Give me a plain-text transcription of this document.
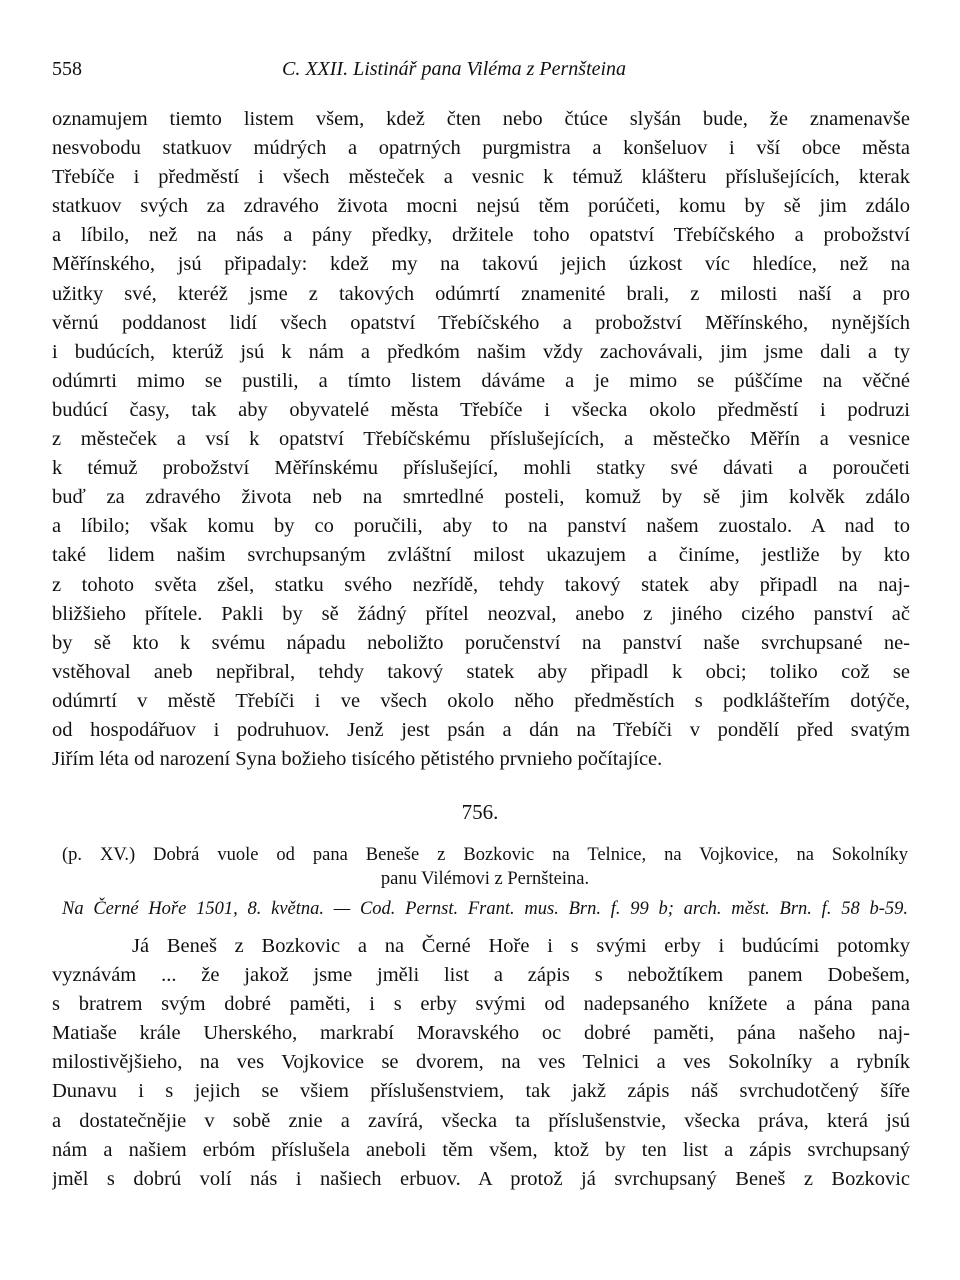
558	C. XXII. Listinář pana Viléma z Pernšteina
oznamujem tiemto listem všem, kdež čten nebo čtúce slyšán bude, že znamenavše
nesvobodu statkuov múdrých a opatrných purgmistra a konšeluov i vší obce města
Třebíče i předměstí i všech městeček a vesnic k témuž klášteru příslušejících, kterak
statkuov svých za zdravého života mocni nejsú těm porúčeti, komu by sě jim zdálo
a líbilo, než na nás a pány předky, držitele toho opatství Třebíčského a probožství
Měřínského, jsú připadaly: kdež my na takovú jejich úzkost víc hledíce, než na
užitky své, kteréž jsme z takových odúmrtí znamenité brali, z milosti naší a pro
věrnú poddanost lidí všech opatství Třebíčského a probožství Měřínského, nynějších
i budúcích, kterúž jsú k nám a předkóm našim vždy zachovávali, jim jsme dali a ty
odúmrti mimo se pustili, a tímto listem dáváme a je mimo se púščíme na věčné
budúcí časy, tak aby obyvatelé města Třebíče i všecka okolo předměstí i podruzi
z městeček a vsí k opatství Třebíčskému příslušejících, a městečko Měřín a vesnice
k témuž probožství Měřínskému příslušející, mohli statky své dávati a poroučeti
buď za zdravého života neb na smrtedlné posteli, komuž by sě jim kolvěk zdálo
a líbilo; však komu by co poručili, aby to na panství našem zuostalo. A nad to
také lidem našim svrchupsaným zvláštní milost ukazujem a činíme, jestliže by kto
z tohoto světa zšel, statku svého nezřídě, tehdy takový statek aby připadl na naj-
bližšieho přítele. Pakli by sě žádný přítel neozval, anebo z jiného cizého panství ač
by sě kto k svému nápadu neboližto poručenství na panství naše svrchupsané ne-
vstěhoval aneb nepřibral, tehdy takový statek aby připadl k obci; toliko což se
odúmrtí v městě Třebíči i ve všech okolo něho předměstích s podklášteřím dotýče,
od hospodářuov i podruhuov. Jenž jest psán a dán na Třebíči v pondělí před svatým
Jiřím léta od narození Syna božieho tisícého pětistého prvnieho počítajíce.
756.
(p. XV.) Dobrá vuole od pana Beneše z Bozkovic na Telnice, na Vojkovice, na Sokolníky
panu Vilémovi z Pernšteina.
Na Černé Hoře 1501, 8. května. — Cod. Pernst. Frant. mus. Brn. f. 99 b; arch. měst. Brn. f. 58 b-59.
Já Beneš z Bozkovic a na Černé Hoře i s svými erby i budúcími potomky
vyznávám ... že jakož jsme jměli list a zápis s nebožtíkem panem Dobešem,
s bratrem svým dobré paměti, i s erby svými od nadepsaného knížete a pána pana
Matiaše krále Uherského, markrabí Moravského oc dobré paměti, pána našeho naj-
milostivějšieho, na ves Vojkovice se dvorem, na ves Telnici a ves Sokolníky a rybník
Dunavu i s jejich se všiem příslušenstviem, tak jakž zápis náš svrchudotčený šíře
a dostatečnějie v sobě znie a zavírá, všecka ta příslušenstvie, všecka práva, která jsú
nám a našiem erbóm příslušela aneboli těm všem, ktož by ten list a zápis svrchupsaný
jměl s dobrú volí nás i našiech erbuov. A protož já svrchupsaný Beneš z Bozkovic
